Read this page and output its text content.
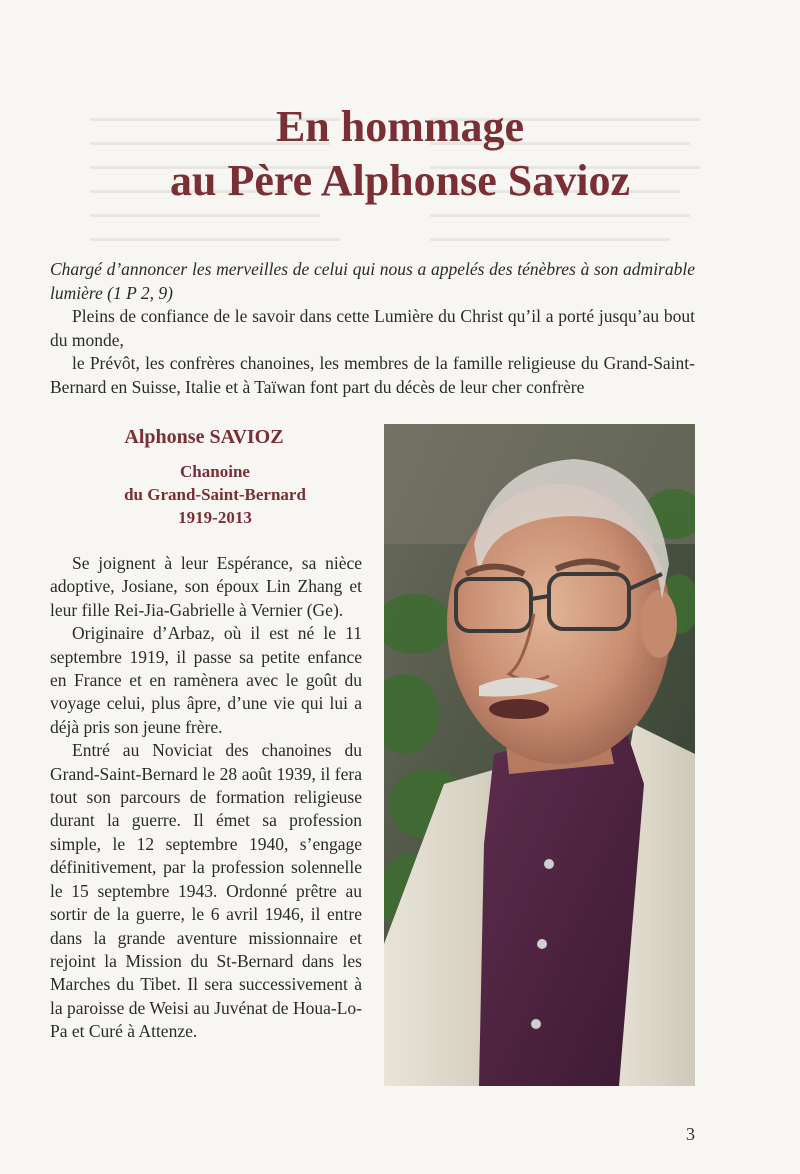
En hommage
au Père Alphonse Savioz

Chargé d’annoncer les merveilles de celui qui nous a appelés des ténèbres à son admirable lumière (1 P 2, 9)

Pleins de confiance de le savoir dans cette Lumière du Christ qu’il a porté jusqu’au bout du monde,

le Prévôt, les confrères chanoines, les membres de la famille religieuse du Grand-Saint-Bernard en Suisse, Italie et à Taïwan font part du décès de leur cher confrère

Alphonse SAVIOZ
Chanoine
du Grand-Saint-Bernard
1919-2013

Se joignent à leur Espérance, sa nièce adoptive, Josiane, son époux Lin Zhang et leur fille Rei-Jia-Gabrielle à Vernier (Ge).

Originaire d’Arbaz, où il est né le 11 septembre 1919, il passe sa petite enfance en France et en ramènera avec le goût du voyage celui, plus âpre, d’une vie qui lui a déjà pris son jeune frère.

Entré au Noviciat des chanoines du Grand-Saint-Bernard le 28 août 1939, il fera tout son parcours de formation religieuse durant la guerre. Il émet sa profession simple, le 12 septembre 1940, s’engage définitivement, par la profession solennelle le 15 septembre 1943. Ordonné prêtre au sortir de la guerre, le 6 avril 1946, il entre dans la grande aventure missionnaire et rejoint la Mission du St-Bernard dans les Marches du Tibet. Il sera successivement à la paroisse de Weisi au Juvénat de Houa-Lo-Pa et Curé à Attenze.

3
